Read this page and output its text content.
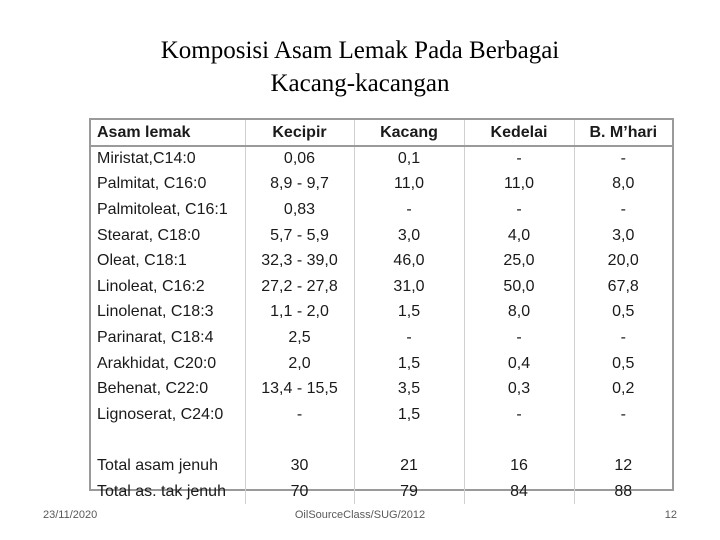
Komposisi Asam Lemak Pada Berbagai
Kacang-kacangan
Asam lemak	Kecipir	Kacang	Kedelai	B. M’hari
Miristat,C14:0	0,06	0,1	-	-
Palmitat, C16:0	8,9 - 9,7	11,0	11,0	8,0
Palmitoleat, C16:1	0,83	-	-	-
Stearat, C18:0	5,7 - 5,9	3,0	4,0	3,0
Oleat, C18:1	32,3 - 39,0	46,0	25,0	20,0
Linoleat, C16:2	27,2 - 27,8	31,0	50,0	67,8
Linolenat, C18:3	1,1 - 2,0	1,5	8,0	0,5
Parinarat, C18:4	2,5	-	-	-
Arakhidat, C20:0	2,0	1,5	0,4	0,5
Behenat, C22:0	13,4 - 15,5	3,5	0,3	0,2
Lignoserat, C24:0	-	1,5	-	-

Total asam jenuh	30	21	16	12
Total as. tak jenuh	70	79	84	88
23/11/2020	OilSourceClass/SUG/2012	12
